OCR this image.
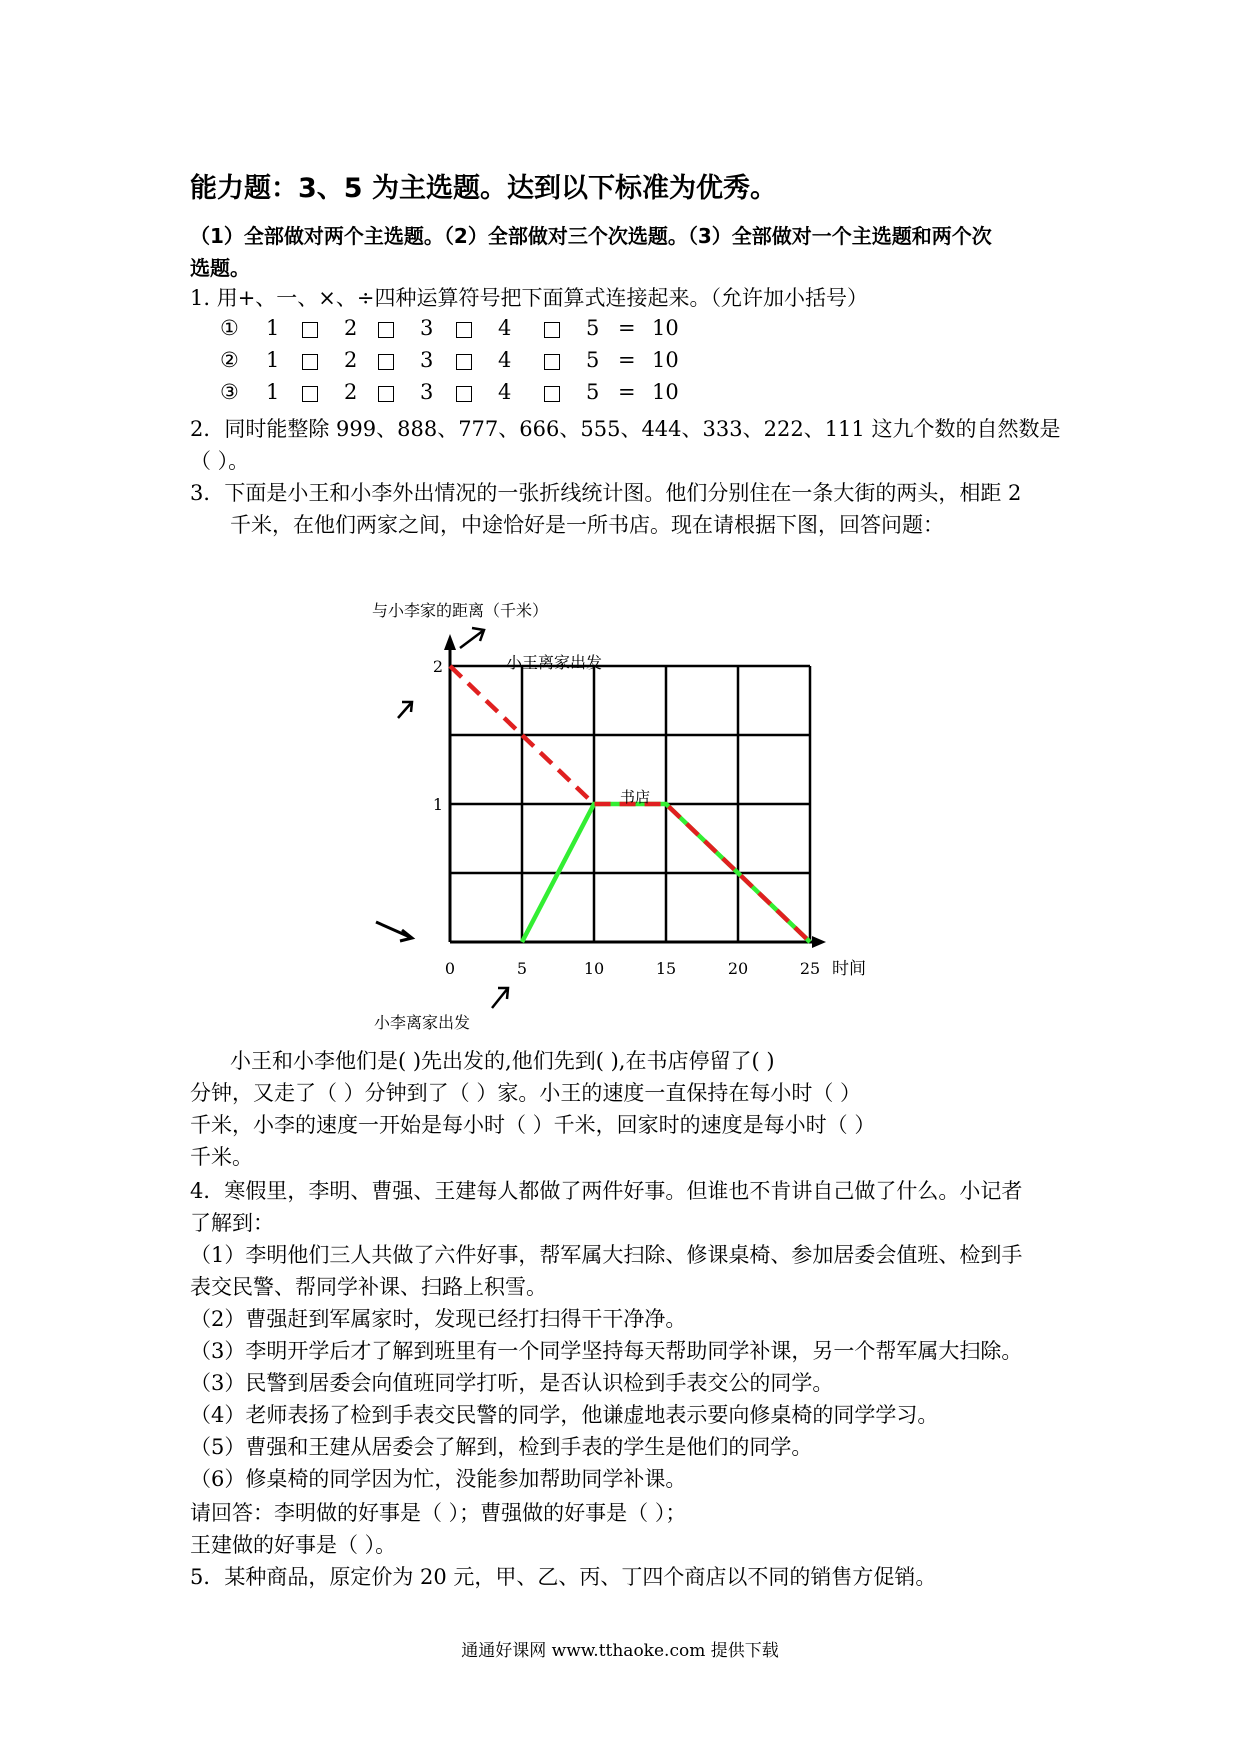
能力题：3、5 为主选题。达到以下标准为优秀。
（1）全部做对两个主选题。（2）全部做对三个次选题。（3）全部做对一个主选题和两个次
选题。
1. 用+、一、×、÷四种运算符号把下面算式连接起来。（允许加小括号）
① 1	2	3	4	5 = 10
② 1	2	3	4	5 = 10
③ 1	2	3	4	5 = 10
2．同时能整除 999、888、777、666、555、444、333、222、111 这九个数的自然数是
（ ）。
3．下面是小王和小李外出情况的一张折线统计图。他们分别住在一条大街的两头，相距 2
千米，在他们两家之间，中途恰好是一所书店。现在请根据下图，回答问题：
与小李家的距离（千米）
0	5	10	15	20	25
1
2
时间
小王离家出发
书店
小李离家出发
小王和小李他们是( )先出发的,他们先到( ),在书店停留了( )
分钟，又走了（ ）分钟到了（ ）家。小王的速度一直保持在每小时（ ）
千米，小李的速度一开始是每小时（ ）千米，回家时的速度是每小时（ ）
千米。
4．寒假里，李明、曹强、王建每人都做了两件好事。但谁也不肯讲自己做了什么。小记者
了解到：
（1）李明他们三人共做了六件好事，帮军属大扫除、修课桌椅、参加居委会值班、检到手
表交民警、帮同学补课、扫路上积雪。
（2）曹强赶到军属家时，发现已经打扫得干干净净。
（3）李明开学后才了解到班里有一个同学坚持每天帮助同学补课，另一个帮军属大扫除。
（3）民警到居委会向值班同学打听，是否认识检到手表交公的同学。
（4）老师表扬了检到手表交民警的同学，他谦虚地表示要向修桌椅的同学学习。
（5）曹强和王建从居委会了解到，检到手表的学生是他们的同学。
（6）修桌椅的同学因为忙，没能参加帮助同学补课。
请回答：李明做的好事是（ ）；曹强做的好事是（ ）；
王建做的好事是（ ）。
5．某种商品，原定价为 20 元，甲、乙、丙、丁四个商店以不同的销售方促销。
通通好课网 www.tthaoke.com 提供下载
